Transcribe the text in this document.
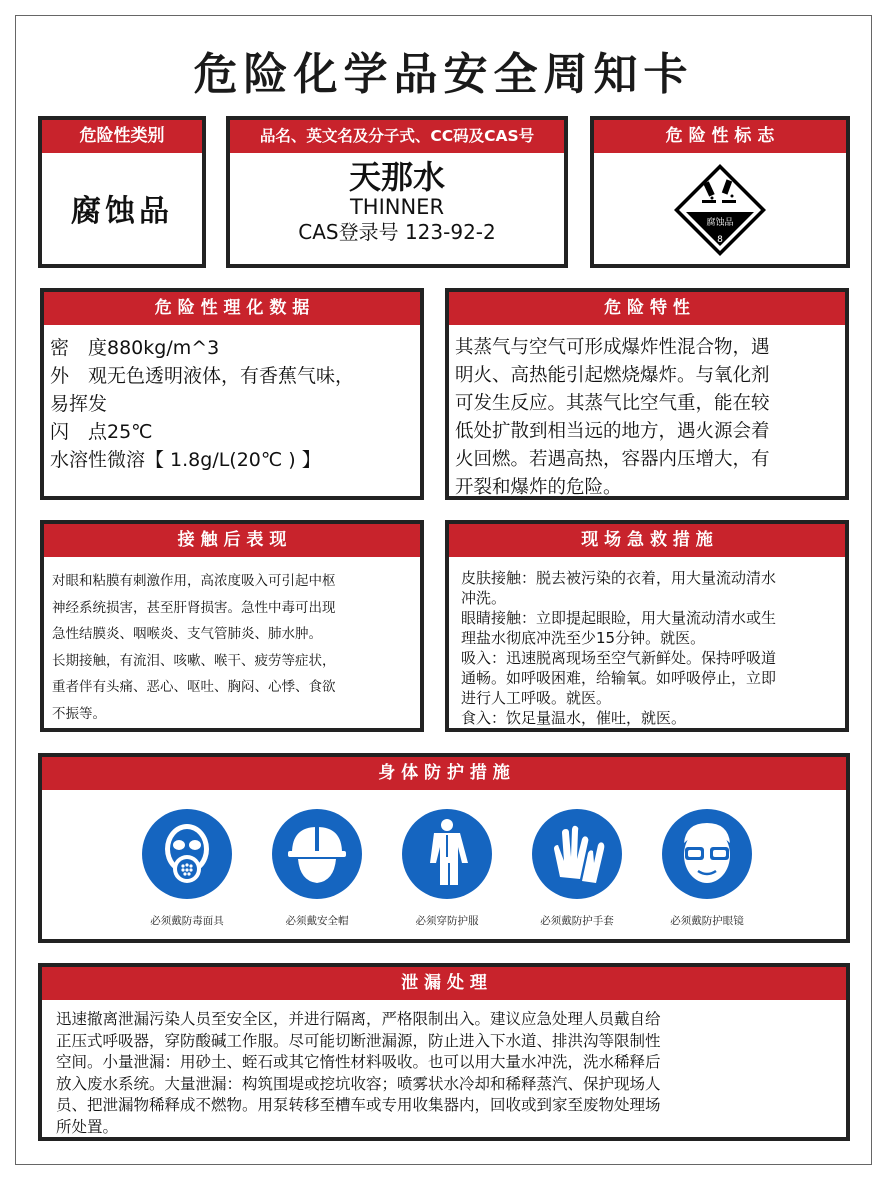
危险化学品安全周知卡
危险性类别
腐蚀品
品名、英文名及分子式、CC码及CAS号
天那水
THINNER
CAS登录号 123-92-2
危 险 性 标 志
腐蚀品
8
危 险 性 理 化 数 据
密　度880kg/m^3
外　观无色透明液体，有香蕉气味，
易挥发
闪　点25℃
水溶性微溶【 1.8g/L(20℃ ) 】
危 险 特 性
其蒸气与空气可形成爆炸性混合物，遇
明火、高热能引起燃烧爆炸。与氧化剂
可发生反应。其蒸气比空气重，能在较
低处扩散到相当远的地方，遇火源会着
火回燃。若遇高热，容器内压增大，有
开裂和爆炸的危险。
接 触 后 表 现
对眼和粘膜有刺激作用，高浓度吸入可引起中枢
神经系统损害，甚至肝肾损害。急性中毒可出现
急性结膜炎、咽喉炎、支气管肺炎、肺水肿。
长期接触，有流泪、咳嗽、喉干、疲劳等症状，
重者伴有头痛、恶心、呕吐、胸闷、心悸、食欲
不振等。
现 场 急 救 措 施
皮肤接触：脱去被污染的衣着，用大量流动清水
冲洗。
眼睛接触：立即提起眼睑，用大量流动清水或生
理盐水彻底冲洗至少15分钟。就医。
吸入：迅速脱离现场至空气新鲜处。保持呼吸道
通畅。如呼吸困难，给输氧。如呼吸停止，立即
进行人工呼吸。就医。
食入：饮足量温水，催吐，就医。
身 体 防 护 措 施
必须戴防毒面具	必须戴安全帽	必须穿防护服	必须戴防护手套	必须戴防护眼镜
泄 漏 处 理
迅速撤离泄漏污染人员至安全区，并进行隔离，严格限制出入。建议应急处理人员戴自给
正压式呼吸器，穿防酸碱工作服。尽可能切断泄漏源，防止进入下水道、排洪沟等限制性
空间。小量泄漏：用砂土、蛭石或其它惰性材料吸收。也可以用大量水冲洗，洗水稀释后
放入废水系统。大量泄漏：构筑围堤或挖坑收容；喷雾状水冷却和稀释蒸汽、保护现场人
员、把泄漏物稀释成不燃物。用泵转移至槽车或专用收集器内，回收或到家至废物处理场
所处置。
